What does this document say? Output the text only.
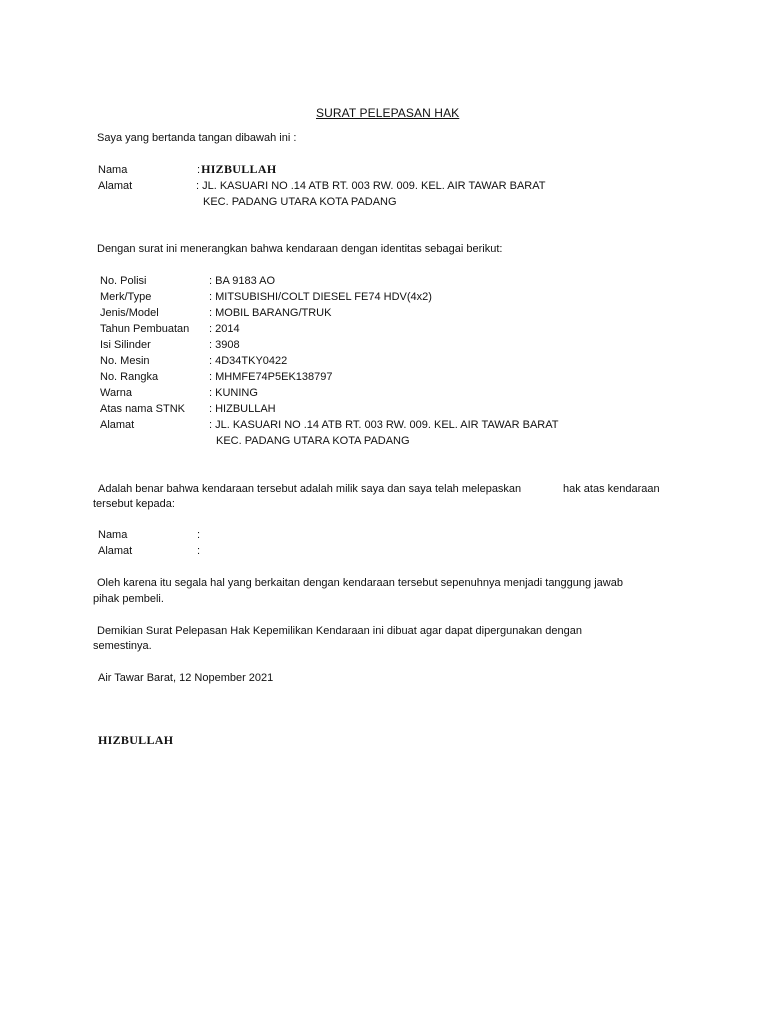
SURAT PELEPASAN HAK
Saya yang bertanda tangan dibawah ini :
Nama	:HIZBULLAH
Alamat	: JL. KASUARI NO .14 ATB RT. 003 RW. 009. KEL. AIR TAWAR BARAT
KEC. PADANG UTARA KOTA PADANG
Dengan surat ini menerangkan bahwa kendaraan dengan identitas sebagai berikut:
No. Polisi	: BA 9183 AO
Merk/Type	: MITSUBISHI/COLT DIESEL FE74 HDV(4x2)
Jenis/Model	: MOBIL BARANG/TRUK
Tahun Pembuatan : 2014
Isi Silinder	: 3908
No. Mesin	: 4D34TKY0422
No. Rangka	: MHMFE74P5EK138797
Warna	: KUNING
Atas nama STNK : HIZBULLAH
Alamat	: JL. KASUARI NO .14 ATB RT. 003 RW. 009. KEL. AIR TAWAR BARAT
KEC. PADANG UTARA KOTA PADANG
Adalah benar bahwa kendaraan tersebut adalah milik saya dan saya telah melepaskan	hak atas kendaraan
tersebut kepada:
Nama	:
Alamat	:
Oleh karena itu segala hal yang berkaitan dengan kendaraan tersebut sepenuhnya menjadi tanggung jawab
pihak pembeli.
Demikian Surat Pelepasan Hak Kepemilikan Kendaraan ini dibuat agar dapat dipergunakan dengan
semestinya.
Air Tawar Barat, 12 Nopember 2021
HIZBULLAH
